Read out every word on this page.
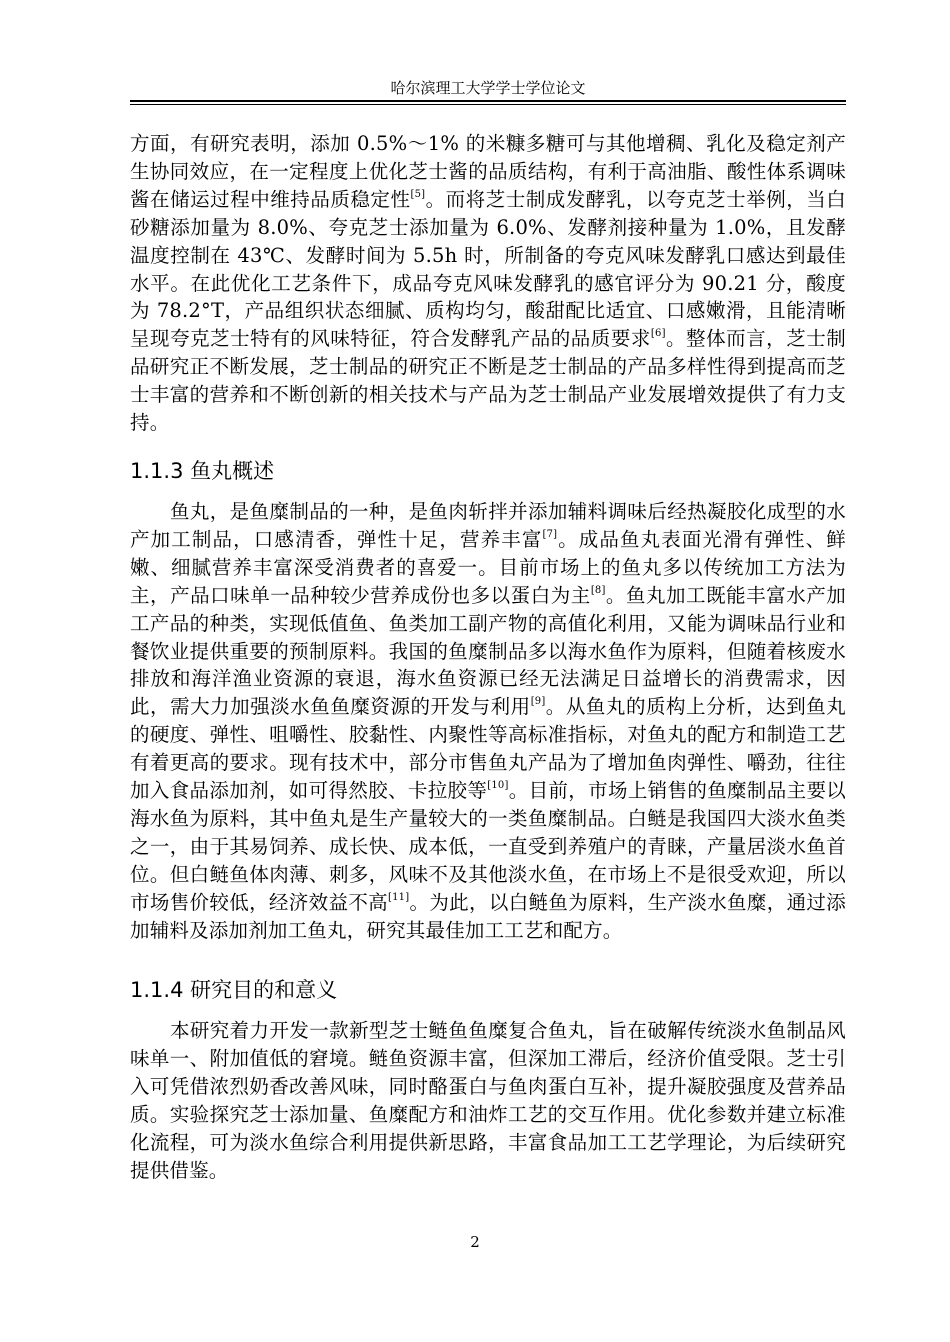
哈尔滨理工大学学士学位论文

方面，有研究表明，添加 0.5%～1% 的米糠多糖可与其他增稠、乳化及稳定剂产生协同效应，在一定程度上优化芝士酱的品质结构，有利于高油脂、酸性体系调味酱在储运过程中维持品质稳定性[5]。而将芝士制成发酵乳，以夸克芝士举例，当白砂糖添加量为 8.0%、夸克芝士添加量为 6.0%、发酵剂接种量为 1.0%，且发酵温度控制在 43℃、发酵时间为 5.5h 时，所制备的夸克风味发酵乳口感达到最佳水平。在此优化工艺条件下，成品夸克风味发酵乳的感官评分为 90.21 分，酸度为 78.2°T，产品组织状态细腻、质构均匀，酸甜配比适宜、口感嫩滑，且能清晰呈现夸克芝士特有的风味特征，符合发酵乳产品的品质要求[6]。整体而言，芝士制品研究正不断发展，芝士制品的研究正不断是芝士制品的产品多样性得到提高而芝士丰富的营养和不断创新的相关技术与产品为芝士制品产业发展增效提供了有力支持。

1.1.3 鱼丸概述

鱼丸，是鱼糜制品的一种，是鱼肉斩拌并添加辅料调味后经热凝胶化成型的水产加工制品，口感清香，弹性十足，营养丰富[7]。成品鱼丸表面光滑有弹性、鲜嫩、细腻营养丰富深受消费者的喜爱一。目前市场上的鱼丸多以传统加工方法为主，产品口味单一品种较少营养成份也多以蛋白为主[8]。鱼丸加工既能丰富水产加工产品的种类，实现低值鱼、鱼类加工副产物的高值化利用，又能为调味品行业和餐饮业提供重要的预制原料。我国的鱼糜制品多以海水鱼作为原料，但随着核废水排放和海洋渔业资源的衰退，海水鱼资源已经无法满足日益增长的消费需求，因此，需大力加强淡水鱼鱼糜资源的开发与利用[9]。从鱼丸的质构上分析，达到鱼丸的硬度、弹性、咀嚼性、胶黏性、内聚性等高标准指标，对鱼丸的配方和制造工艺有着更高的要求。现有技术中，部分市售鱼丸产品为了增加鱼肉弹性、嚼劲，往往加入食品添加剂，如可得然胶、卡拉胶等[10]。目前，市场上销售的鱼糜制品主要以海水鱼为原料，其中鱼丸是生产量较大的一类鱼糜制品。白鲢是我国四大淡水鱼类之一，由于其易饲养、成长快、成本低，一直受到养殖户的青睐，产量居淡水鱼首位。但白鲢鱼体肉薄、刺多，风味不及其他淡水鱼，在市场上不是很受欢迎，所以市场售价较低，经济效益不高[11]。为此，以白鲢鱼为原料，生产淡水鱼糜，通过添加辅料及添加剂加工鱼丸，研究其最佳加工工艺和配方。

1.1.4 研究目的和意义

本研究着力开发一款新型芝士鲢鱼鱼糜复合鱼丸，旨在破解传统淡水鱼制品风味单一、附加值低的窘境。鲢鱼资源丰富，但深加工滞后，经济价值受限。芝士引入可凭借浓烈奶香改善风味，同时酪蛋白与鱼肉蛋白互补，提升凝胶强度及营养品质。实验探究芝士添加量、鱼糜配方和油炸工艺的交互作用。优化参数并建立标准化流程，可为淡水鱼综合利用提供新思路，丰富食品加工工艺学理论，为后续研究提供借鉴。

2
